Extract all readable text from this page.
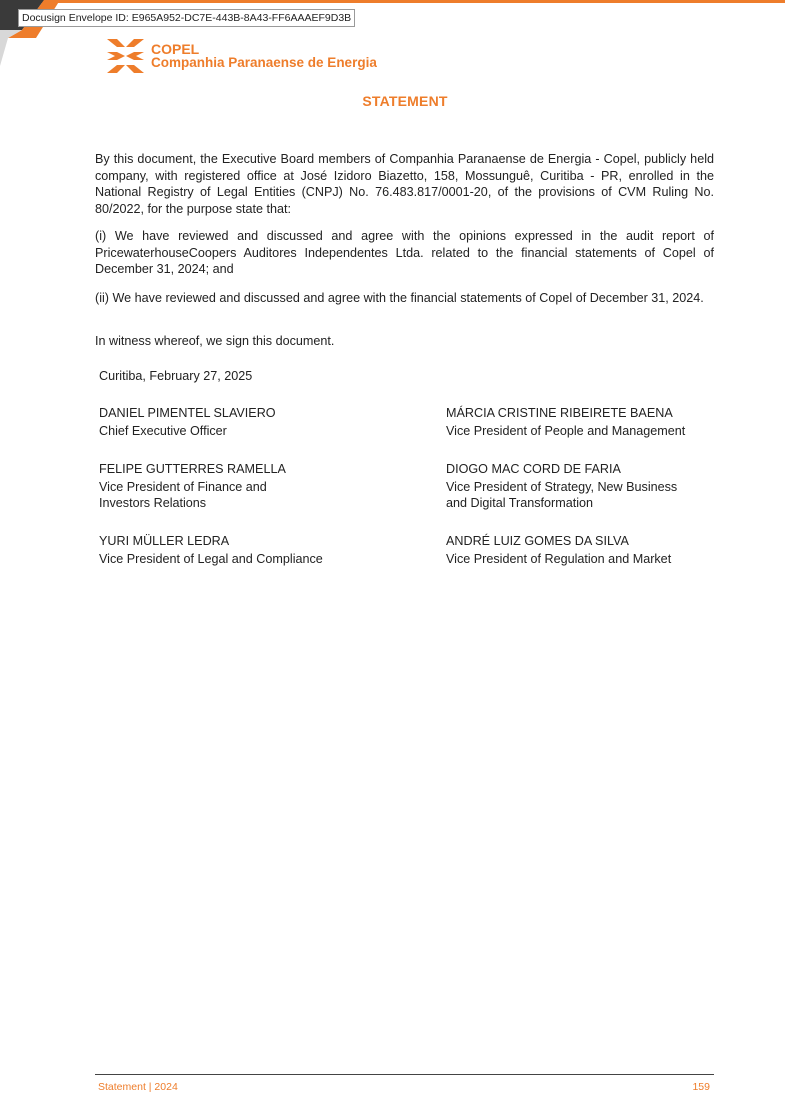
Docusign Envelope ID: E965A952-DC7E-443B-8A43-FF6AAAEF9D3B
COPEL
Companhia Paranaense de Energia
STATEMENT

By this document, the Executive Board members of Companhia Paranaense de Energia - Copel, publicly held company, with registered office at José Izidoro Biazetto, 158, Mossunguê, Curitiba - PR, enrolled in the National Registry of Legal Entities (CNPJ) No. 76.483.817/0001-20, of the provisions of CVM Ruling No. 80/2022, for the purpose state that:

(i) We have reviewed and discussed and agree with the opinions expressed in the audit report of PricewaterhouseCoopers Auditores Independentes Ltda. related to the financial statements of Copel of December 31, 2024; and

(ii) We have reviewed and discussed and agree with the financial statements of Copel of December 31, 2024.

In witness whereof, we sign this document.

Curitiba, February 27, 2025

DANIEL PIMENTEL SLAVIERO
Chief Executive Officer
MÁRCIA CRISTINE RIBEIRETE BAENA
Vice President of People and Management
FELIPE GUTTERRES RAMELLA
Vice President of Finance and
Investors Relations
DIOGO MAC CORD DE FARIA
Vice President of Strategy, New Business
and Digital Transformation
YURI MÜLLER LEDRA
Vice President of Legal and Compliance
ANDRÉ LUIZ GOMES DA SILVA
Vice President of Regulation and Market
Statement | 2024	159
